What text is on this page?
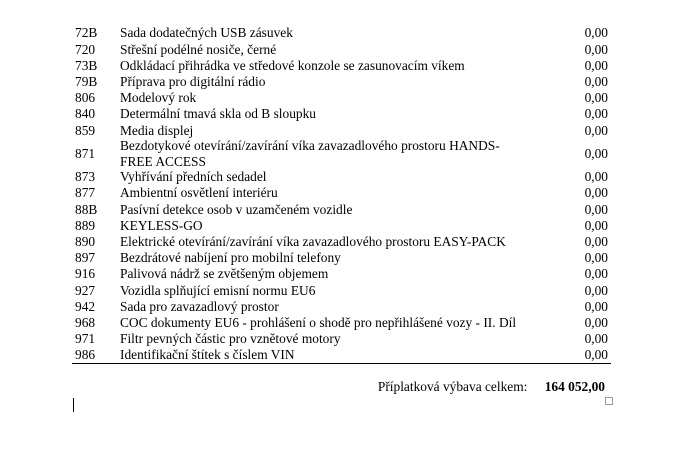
72B	Sada dodatečných USB zásuvek	0,00
720	Střešní podélné nosiče, černé	0,00
73B	Odkládací přihrádka ve středové konzole se zasunovacím víkem	0,00
79B	Příprava pro digitální rádio	0,00
806	Modelový rok	0,00
840	Determální tmavá skla od B sloupku	0,00
859	Media displej	0,00
871	Bezdotykové otevírání/zavírání víka zavazadlového prostoru HANDS-FREE ACCESS	0,00
873	Vyhřívání předních sedadel	0,00
877	Ambientní osvětlení interiéru	0,00
88B	Pasívní detekce osob v uzamčeném vozidle	0,00
889	KEYLESS-GO	0,00
890	Elektrické otevírání/zavírání víka zavazadlového prostoru EASY-PACK	0,00
897	Bezdrátové nabíjení pro mobilní telefony	0,00
916	Palivová nádrž se zvětšeným objemem	0,00
927	Vozidla splňující emisní normu EU6	0,00
942	Sada pro zavazadlový prostor	0,00
968	COC dokumenty EU6 - prohlášení o shodě pro nepřihlášené vozy - II. Díl	0,00
971	Filtr pevných částic pro vznětové motory	0,00
986	Identifikační štítek s číslem VIN	0,00
Příplatková výbava celkem: 164 052,00
